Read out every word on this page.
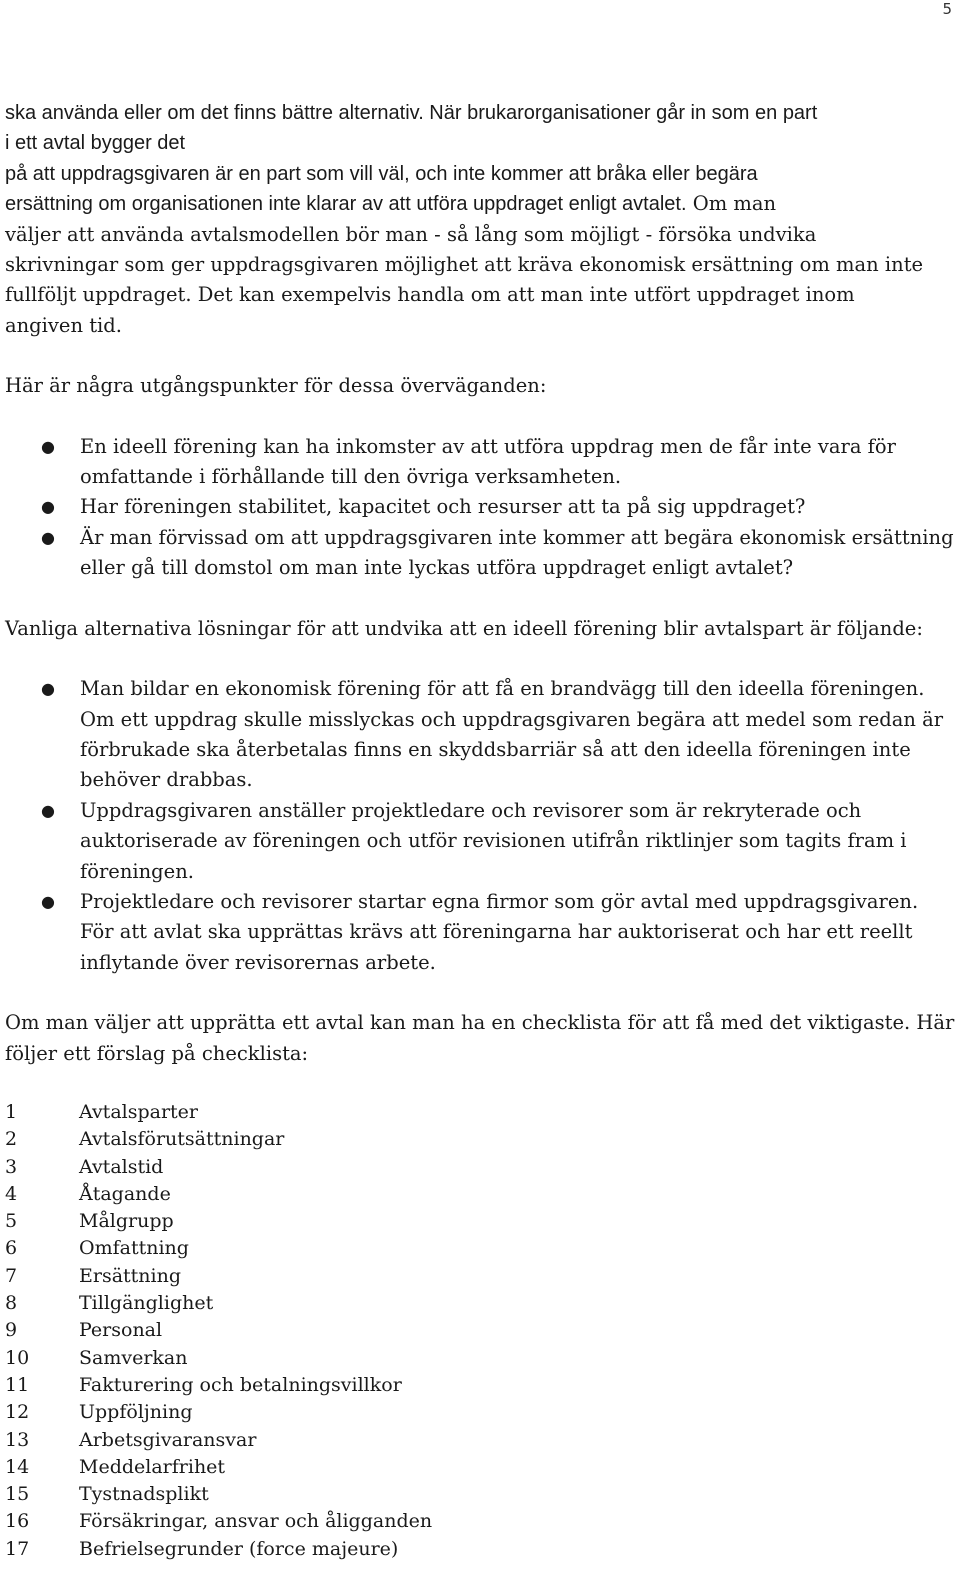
5
ska använda eller om det finns bättre alternativ. När brukarorganisationer går in som en part
i ett avtal bygger det
på att uppdragsgivaren är en part som vill väl, och inte kommer att bråka eller begära
ersättning om organisationen inte klarar av att utföra uppdraget enligt avtalet. Om man
väljer att använda avtalsmodellen bör man - så lång som möjligt - försöka undvika
skrivningar som ger uppdragsgivaren möjlighet att kräva ekonomisk ersättning om man inte
fullföljt uppdraget. Det kan exempelvis handla om att man inte utfört uppdraget inom
angiven tid.

Här är några utgångspunkter för dessa överväganden:

● En ideell förening kan ha inkomster av att utföra uppdrag men de får inte vara för omfattande i förhållande till den övriga verksamheten.
● Har föreningen stabilitet, kapacitet och resurser att ta på sig uppdraget?
● Är man förvissad om att uppdragsgivaren inte kommer att begära ekonomisk ersättning eller gå till domstol om man inte lyckas utföra uppdraget enligt avtalet?

Vanliga alternativa lösningar för att undvika att en ideell förening blir avtalspart är följande:

● Man bildar en ekonomisk förening för att få en brandvägg till den ideella föreningen. Om ett uppdrag skulle misslyckas och uppdragsgivaren begära att medel som redan är förbrukade ska återbetalas finns en skyddsbarriär så att den ideella föreningen inte behöver drabbas.
● Uppdragsgivaren anställer projektledare och revisorer som är rekryterade och auktoriserade av föreningen och utför revisionen utifrån riktlinjer som tagits fram i föreningen.
● Projektledare och revisorer startar egna firmor som gör avtal med uppdragsgivaren. För att avlat ska upprättas krävs att föreningarna har auktoriserat och har ett reellt inflytande över revisorernas arbete.

Om man väljer att upprätta ett avtal kan man ha en checklista för att få med det viktigaste. Här följer ett förslag på checklista:

1	Avtalsparter
2	Avtalsförutsättningar
3	Avtalstid
4	Åtagande
5	Målgrupp
6	Omfattning
7	Ersättning
8	Tillgänglighet
9	Personal
10	Samverkan
11	Fakturering och betalningsvillkor
12	Uppföljning
13	Arbetsgivaransvar
14	Meddelarfrihet
15	Tystnadsplikt
16	Försäkringar, ansvar och åligganden
17	Befrielsegrunder (force majeure)
